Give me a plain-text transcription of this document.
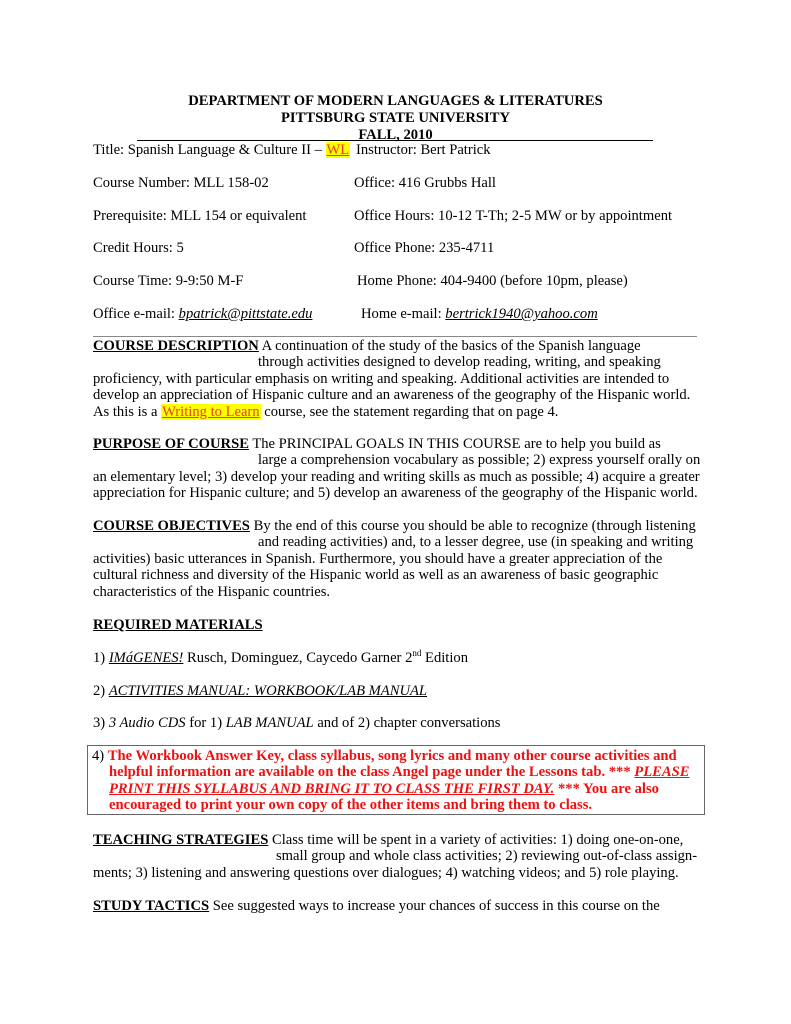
DEPARTMENT OF MODERN LANGUAGES & LITERATURES
PITTSBURG STATE UNIVERSITY
FALL, 2010
Title: Spanish Language & Culture II – WL Instructor: Bert Patrick
Course Number: MLL 158-02	Office: 416 Grubbs Hall
Prerequisite: MLL 154 or equivalent	Office Hours: 10-12 T-Th; 2-5 MW or by appointment
Credit Hours: 5	Office Phone: 235-4711
Course Time: 9-9:50 M-F	Home Phone: 404-9400 (before 10pm, please)
Office e-mail: bpatrick@pittstate.edu	Home e-mail: bertrick1940@yahoo.com
COURSE DESCRIPTION A continuation of the study of the basics of the Spanish language
through activities designed to develop reading, writing, and speaking
proficiency, with particular emphasis on writing and speaking. Additional activities are intended to
develop an appreciation of Hispanic culture and an awareness of the geography of the Hispanic world.
As this is a Writing to Learn course, see the statement regarding that on page 4.
PURPOSE OF COURSE The PRINCIPAL GOALS IN THIS COURSE are to help you build as
large a comprehension vocabulary as possible; 2) express yourself orally on
an elementary level; 3) develop your reading and writing skills as much as possible; 4) acquire a greater
appreciation for Hispanic culture; and 5) develop an awareness of the geography of the Hispanic world.
COURSE OBJECTIVES By the end of this course you should be able to recognize (through listening
and reading activities) and, to a lesser degree, use (in speaking and writing
activities) basic utterances in Spanish. Furthermore, you should have a greater appreciation of the
cultural richness and diversity of the Hispanic world as well as an awareness of basic geographic
characteristics of the Hispanic countries.
REQUIRED MATERIALS
1) IMáGENES! Rusch, Dominguez, Caycedo Garner 2nd Edition
2) ACTIVITIES MANUAL: WORKBOOK/LAB MANUAL
3) 3 Audio CDS for 1) LAB MANUAL and of 2) chapter conversations
4) The Workbook Answer Key, class syllabus, song lyrics and many other course activities and
helpful information are available on the class Angel page under the Lessons tab. *** PLEASE
PRINT THIS SYLLABUS AND BRING IT TO CLASS THE FIRST DAY. *** You are also
encouraged to print your own copy of the other items and bring them to class.
TEACHING STRATEGIES Class time will be spent in a variety of activities: 1) doing one-on-one,
small group and whole class activities; 2) reviewing out-of-class assign-
ments; 3) listening and answering questions over dialogues; 4) watching videos; and 5) role playing.
STUDY TACTICS See suggested ways to increase your chances of success in this course on the
